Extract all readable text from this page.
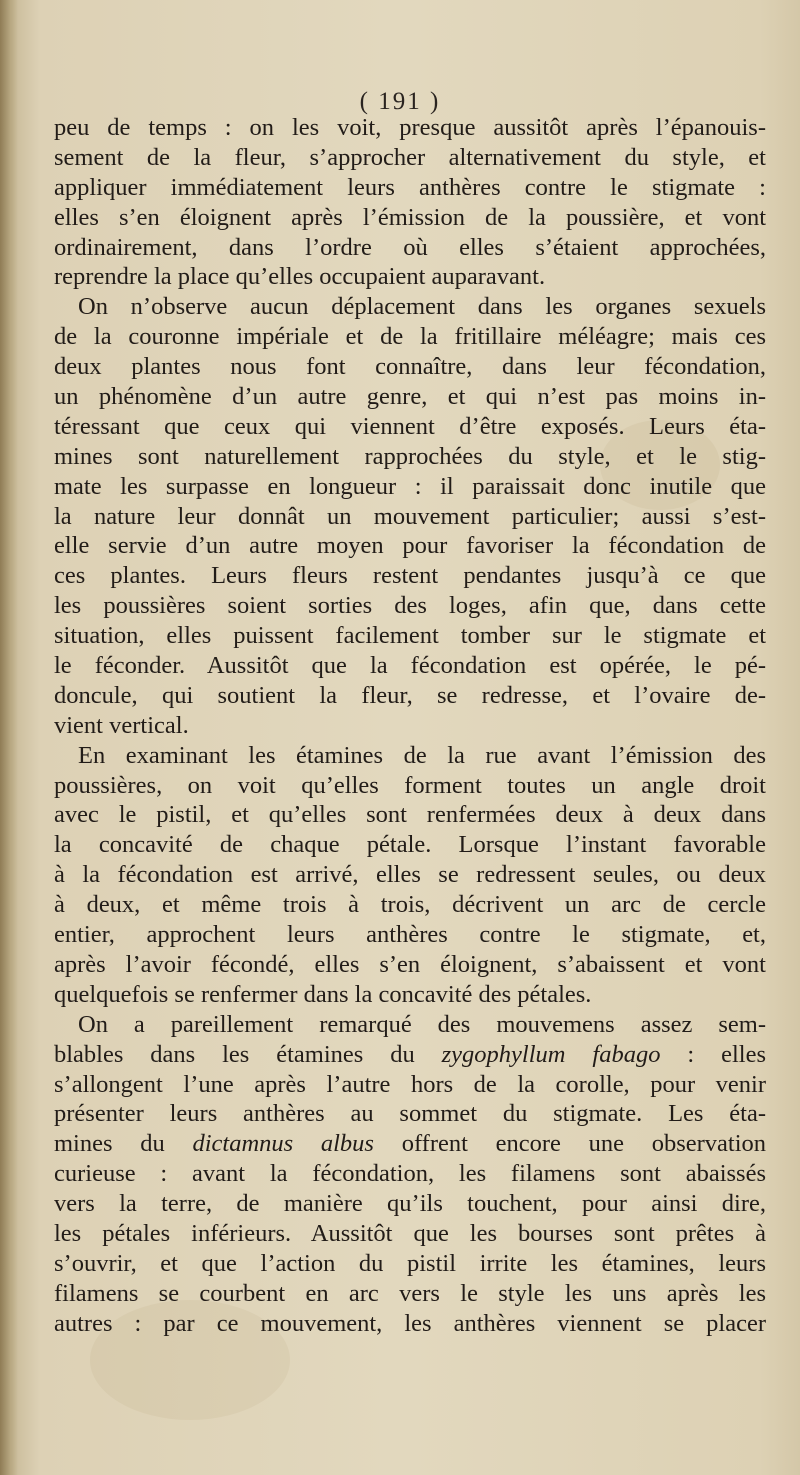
( 191 )
peu de temps : on les voit, presque aussitôt après l’épanouis-
sement de la fleur, s’approcher alternativement du style, et
appliquer immédiatement leurs anthères contre le stigmate :
elles s’en éloignent après l’émission de la poussière, et vont
ordinairement, dans l’ordre où elles s’étaient approchées,
reprendre la place qu’elles occupaient auparavant.
On n’observe aucun déplacement dans les organes sexuels
de la couronne impériale et de la fritillaire méléagre; mais ces
deux plantes nous font connaître, dans leur fécondation,
un phénomène d’un autre genre, et qui n’est pas moins in-
téressant que ceux qui viennent d’être exposés. Leurs éta-
mines sont naturellement rapprochées du style, et le stig-
mate les surpasse en longueur : il paraissait donc inutile que
la nature leur donnât un mouvement particulier; aussi s’est-
elle servie d’un autre moyen pour favoriser la fécondation de
ces plantes. Leurs fleurs restent pendantes jusqu’à ce que
les poussières soient sorties des loges, afin que, dans cette
situation, elles puissent facilement tomber sur le stigmate et
le féconder. Aussitôt que la fécondation est opérée, le pé-
doncule, qui soutient la fleur, se redresse, et l’ovaire de-
vient vertical.
En examinant les étamines de la rue avant l’émission des
poussières, on voit qu’elles forment toutes un angle droit
avec le pistil, et qu’elles sont renfermées deux à deux dans
la concavité de chaque pétale. Lorsque l’instant favorable
à la fécondation est arrivé, elles se redressent seules, ou deux
à deux, et même trois à trois, décrivent un arc de cercle
entier, approchent leurs anthères contre le stigmate, et,
après l’avoir fécondé, elles s’en éloignent, s’abaissent et vont
quelquefois se renfermer dans la concavité des pétales.
On a pareillement remarqué des mouvemens assez sem-
blables dans les étamines du zygophyllum fabago : elles
s’allongent l’une après l’autre hors de la corolle, pour venir
présenter leurs anthères au sommet du stigmate. Les éta-
mines du dictamnus albus offrent encore une observation
curieuse : avant la fécondation, les filamens sont abaissés
vers la terre, de manière qu’ils touchent, pour ainsi dire,
les pétales inférieurs. Aussitôt que les bourses sont prêtes à
s’ouvrir, et que l’action du pistil irrite les étamines, leurs
filamens se courbent en arc vers le style les uns après les
autres : par ce mouvement, les anthères viennent se placer
